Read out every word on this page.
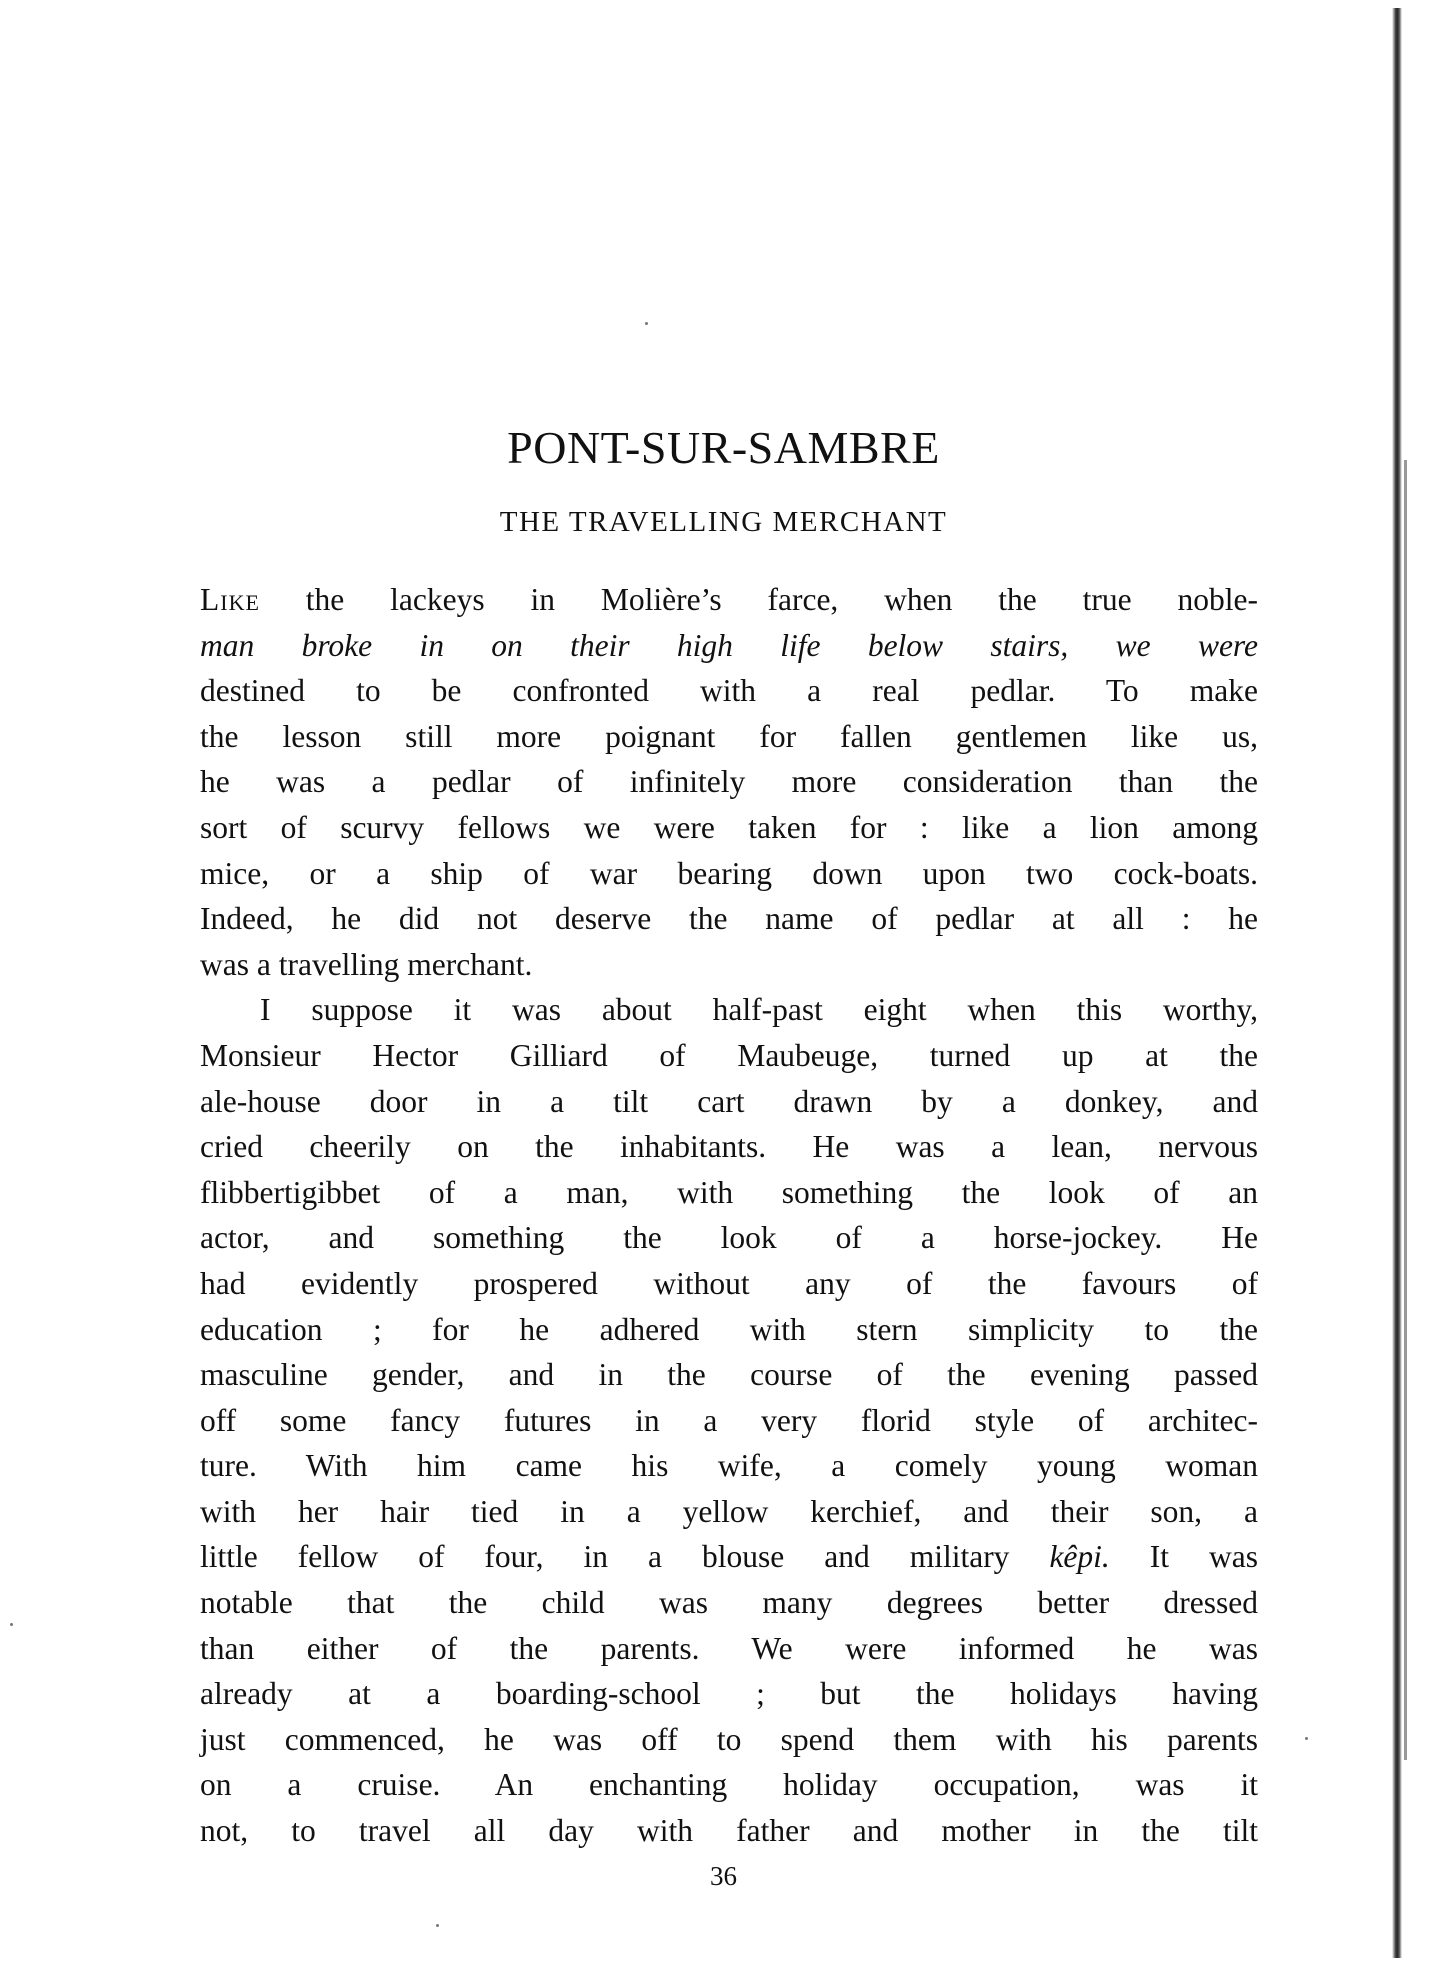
PONT-SUR-SAMBRE
THE TRAVELLING MERCHANT
Like the lackeys in Molière’s farce, when the true noble-
man broke in on their high life below stairs, we were
destined to be confronted with a real pedlar. To make
the lesson still more poignant for fallen gentlemen like us,
he was a pedlar of infinitely more consideration than the
sort of scurvy fellows we were taken for : like a lion among
mice, or a ship of war bearing down upon two cock-boats.
Indeed, he did not deserve the name of pedlar at all : he
was a travelling merchant.
I suppose it was about half-past eight when this worthy,
Monsieur Hector Gilliard of Maubeuge, turned up at the
ale-house door in a tilt cart drawn by a donkey, and
cried cheerily on the inhabitants. He was a lean, nervous
flibbertigibbet of a man, with something the look of an
actor, and something the look of a horse-jockey. He
had evidently prospered without any of the favours of
education ; for he adhered with stern simplicity to the
masculine gender, and in the course of the evening passed
off some fancy futures in a very florid style of architec-
ture. With him came his wife, a comely young woman
with her hair tied in a yellow kerchief, and their son, a
little fellow of four, in a blouse and military kêpi. It was
notable that the child was many degrees better dressed
than either of the parents. We were informed he was
already at a boarding-school ; but the holidays having
just commenced, he was off to spend them with his parents
on a cruise. An enchanting holiday occupation, was it
not, to travel all day with father and mother in the tilt
36
